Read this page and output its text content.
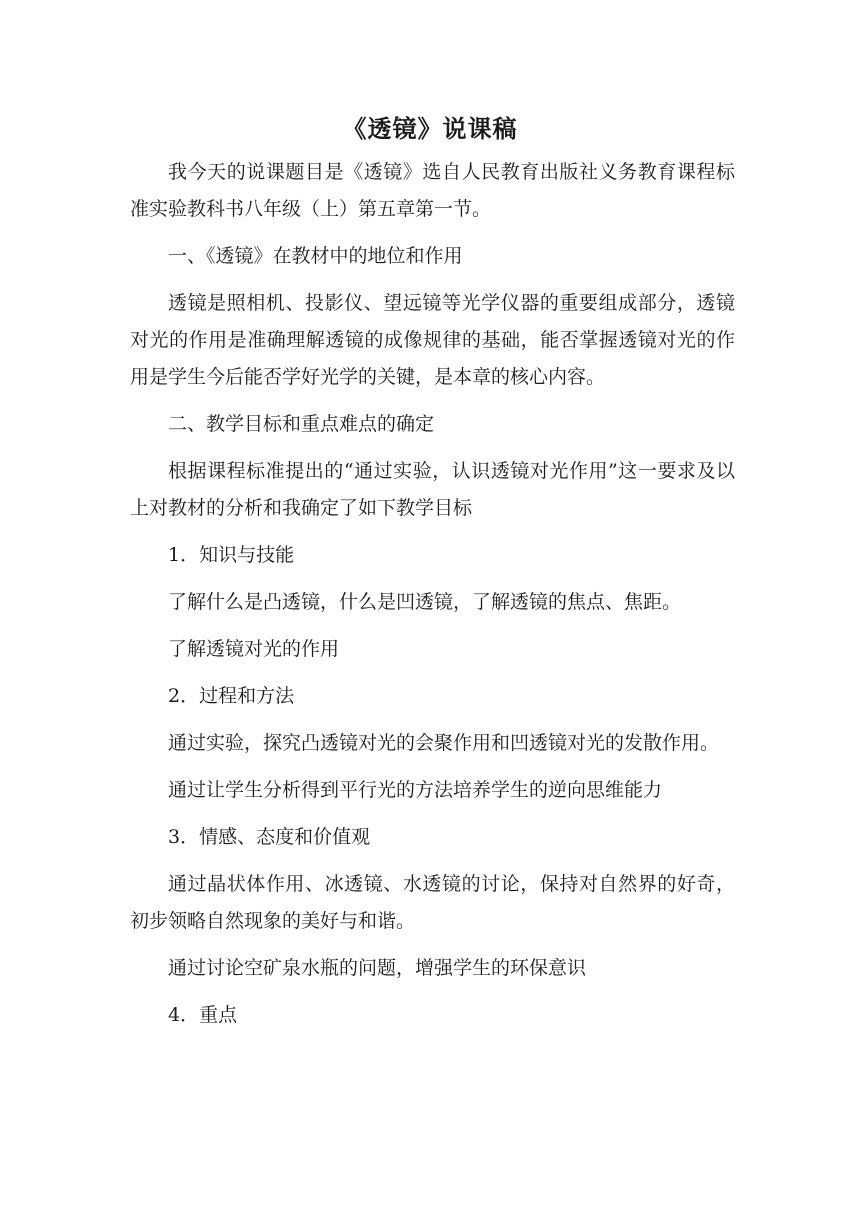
《透镜》说课稿

我今天的说课题目是《透镜》选自人民教育出版社义务教育课程标准实验教科书八年级（上）第五章第一节。

一、《透镜》在教材中的地位和作用

透镜是照相机、投影仪、望远镜等光学仪器的重要组成部分，透镜对光的作用是准确理解透镜的成像规律的基础，能否掌握透镜对光的作用是学生今后能否学好光学的关键，是本章的核心内容。

二、教学目标和重点难点的确定

根据课程标准提出的“通过实验，认识透镜对光作用”这一要求及以上对教材的分析和我确定了如下教学目标

1．知识与技能

了解什么是凸透镜，什么是凹透镜，了解透镜的焦点、焦距。

了解透镜对光的作用

2．过程和方法

通过实验，探究凸透镜对光的会聚作用和凹透镜对光的发散作用。

通过让学生分析得到平行光的方法培养学生的逆向思维能力

3．情感、态度和价值观

通过晶状体作用、冰透镜、水透镜的讨论，保持对自然界的好奇，初步领略自然现象的美好与和谐。

通过讨论空矿泉水瓶的问题，增强学生的环保意识

4．重点
